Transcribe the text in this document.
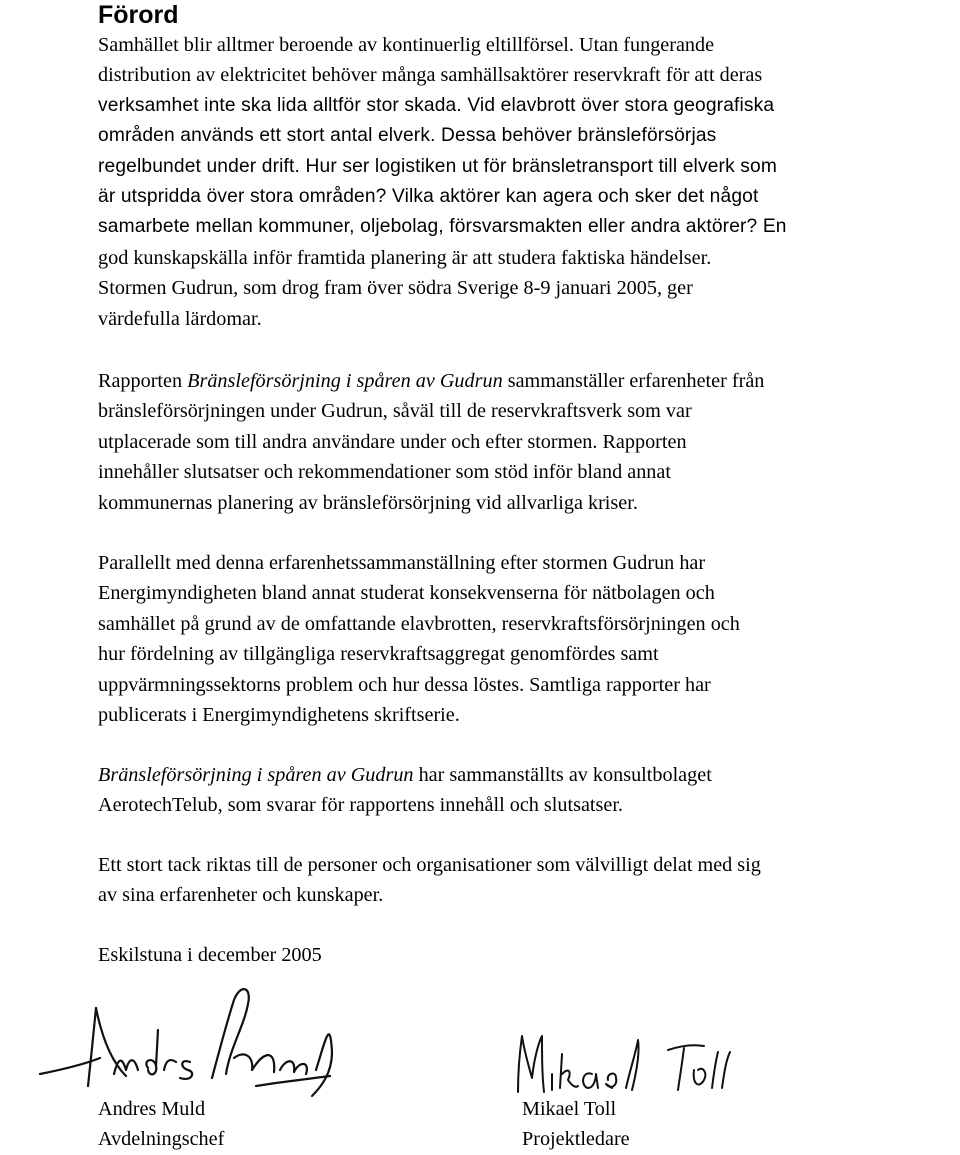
Förord

Samhället blir alltmer beroende av kontinuerlig eltillförsel. Utan fungerande
distribution av elektricitet behöver många samhällsaktörer reservkraft för att deras
verksamhet inte ska lida alltför stor skada. Vid elavbrott över stora geografiska
områden används ett stort antal elverk. Dessa behöver bränsleförsörjas
regelbundet under drift. Hur ser logistiken ut för bränsletransport till elverk som
är utspridda över stora områden? Vilka aktörer kan agera och sker det något
samarbete mellan kommuner, oljebolag, försvarsmakten eller andra aktörer? En
god kunskapskälla inför framtida planering är att studera faktiska händelser.
Stormen Gudrun, som drog fram över södra Sverige 8-9 januari 2005, ger
värdefulla lärdomar.

Rapporten Bränsleförsörjning i spåren av Gudrun sammanställer erfarenheter från
bränsleförsörjningen under Gudrun, såväl till de reservkraftsverk som var
utplacerade som till andra användare under och efter stormen. Rapporten
innehåller slutsatser och rekommendationer som stöd inför bland annat
kommunernas planering av bränsleförsörjning vid allvarliga kriser.

Parallellt med denna erfarenhetssammanställning efter stormen Gudrun har
Energimyndigheten bland annat studerat konsekvenserna för nätbolagen och
samhället på grund av de omfattande elavbrotten, reservkraftsförsörjningen och
hur fördelning av tillgängliga reservkraftsaggregat genomfördes samt
uppvärmningssektorns problem och hur dessa löstes. Samtliga rapporter har
publicerats i Energimyndighetens skriftserie.

Bränsleförsörjning i spåren av Gudrun har sammanställts av konsultbolaget
AerotechTelub, som svarar för rapportens innehåll och slutsatser.

Ett stort tack riktas till de personer och organisationer som välvilligt delat med sig
av sina erfarenheter och kunskaper.

Eskilstuna i december 2005

Andres Muld
Avdelningschef

Mikael Toll
Projektledare
